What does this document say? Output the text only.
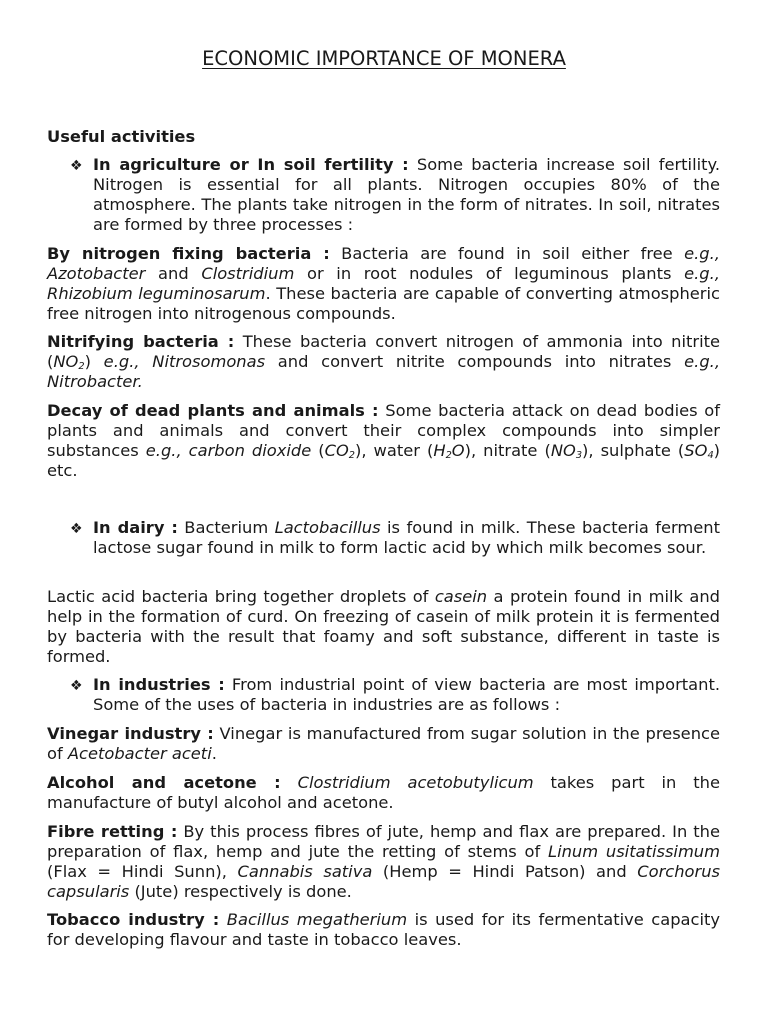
ECONOMIC IMPORTANCE OF MONERA
Useful activities
❖ In agriculture or In soil fertility : Some bacteria increase soil fertility. Nitrogen is essential for all plants. Nitrogen occupies 80% of the atmosphere. The plants take nitrogen in the form of nitrates. In soil, nitrates are formed by three processes :
By nitrogen fixing bacteria : Bacteria are found in soil either free e.g., Azotobacter and Clostridium or in root nodules of leguminous plants e.g., Rhizobium leguminosarum. These bacteria are capable of converting atmospheric free nitrogen into nitrogenous compounds.
Nitrifying bacteria : These bacteria convert nitrogen of ammonia into nitrite $(NO_2)$ e.g., Nitrosomonas and convert nitrite compounds into nitrates e.g., Nitrobacter.
Decay of dead plants and animals : Some bacteria attack on dead bodies of plants and animals and convert their complex compounds into simpler substances e.g., carbon dioxide $(CO_2)$, water $(H_2O)$, nitrate $(NO_3)$, sulphate $(SO_4)$ etc.
❖ In dairy : Bacterium Lactobacillus is found in milk. These bacteria ferment lactose sugar found in milk to form lactic acid by which milk becomes sour.
Lactic acid bacteria bring together droplets of casein a protein found in milk and help in the formation of curd. On freezing of casein of milk protein it is fermented by bacteria with the result that foamy and soft substance, different in taste is formed.
❖ In industries : From industrial point of view bacteria are most important. Some of the uses of bacteria in industries are as follows :
Vinegar industry : Vinegar is manufactured from sugar solution in the presence of Acetobacter aceti.
Alcohol and acetone : Clostridium acetobutylicum takes part in the manufacture of butyl alcohol and acetone.
Fibre retting : By this process fibres of jute, hemp and flax are prepared. In the preparation of flax, hemp and jute the retting of stems of Linum usitatissimum (Flax = Hindi Sunn), Cannabis sativa (Hemp = Hindi Patson) and Corchorus capsularis (Jute) respectively is done.
Tobacco industry : Bacillus megatherium is used for its fermentative capacity for developing flavour and taste in tobacco leaves.
